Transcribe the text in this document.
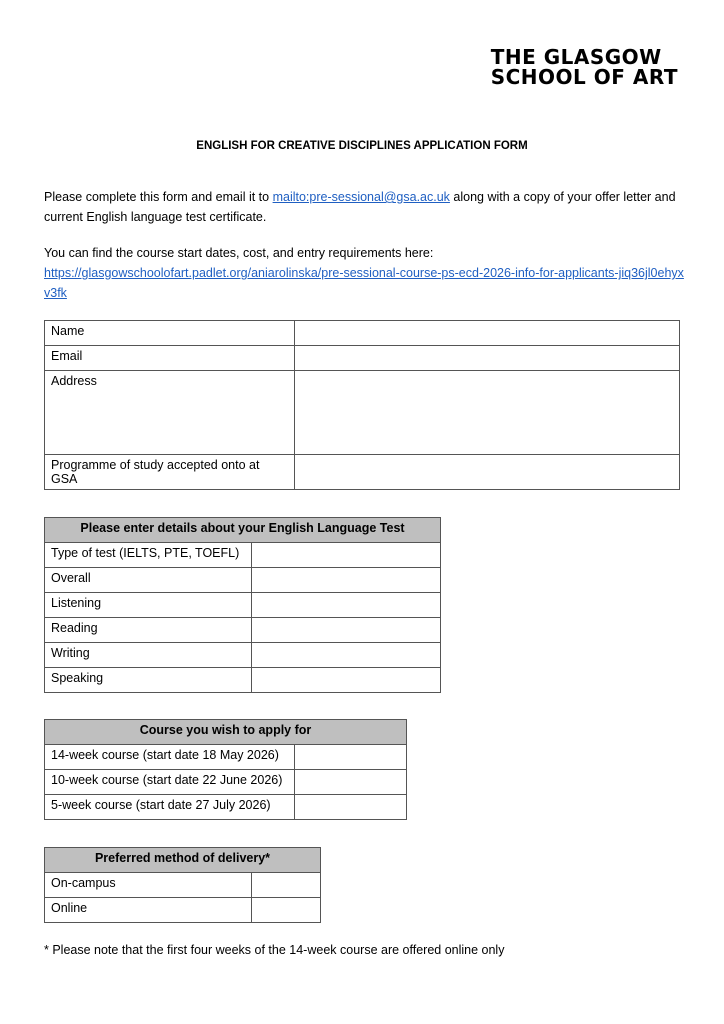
THE GLASGOW
SCHOOL OF ART
ENGLISH FOR CREATIVE DISCIPLINES APPLICATION FORM
Please complete this form and email it to mailto:pre-sessional@gsa.ac.uk along with a copy of your offer letter and current English language test certificate.
You can find the course start dates, cost, and entry requirements here:
https://glasgowschoolofart.padlet.org/aniarolinska/pre-sessional-course-ps-ecd-2026-info-for-applicants-jiq36jl0ehyxv3fk
Name	
Email	
Address	
Programme of study accepted onto at GSA	
Please enter details about your English Language Test	
Type of test (IELTS, PTE, TOEFL)	
Overall	
Listening	
Reading	
Writing	
Speaking	
Course you wish to apply for	
14-week course (start date 18 May 2026)	
10-week course (start date 22 June 2026)	
5-week course (start date 27 July 2026)	
Preferred method of delivery*	
On-campus	
Online	
* Please note that the first four weeks of the 14-week course are offered online only
